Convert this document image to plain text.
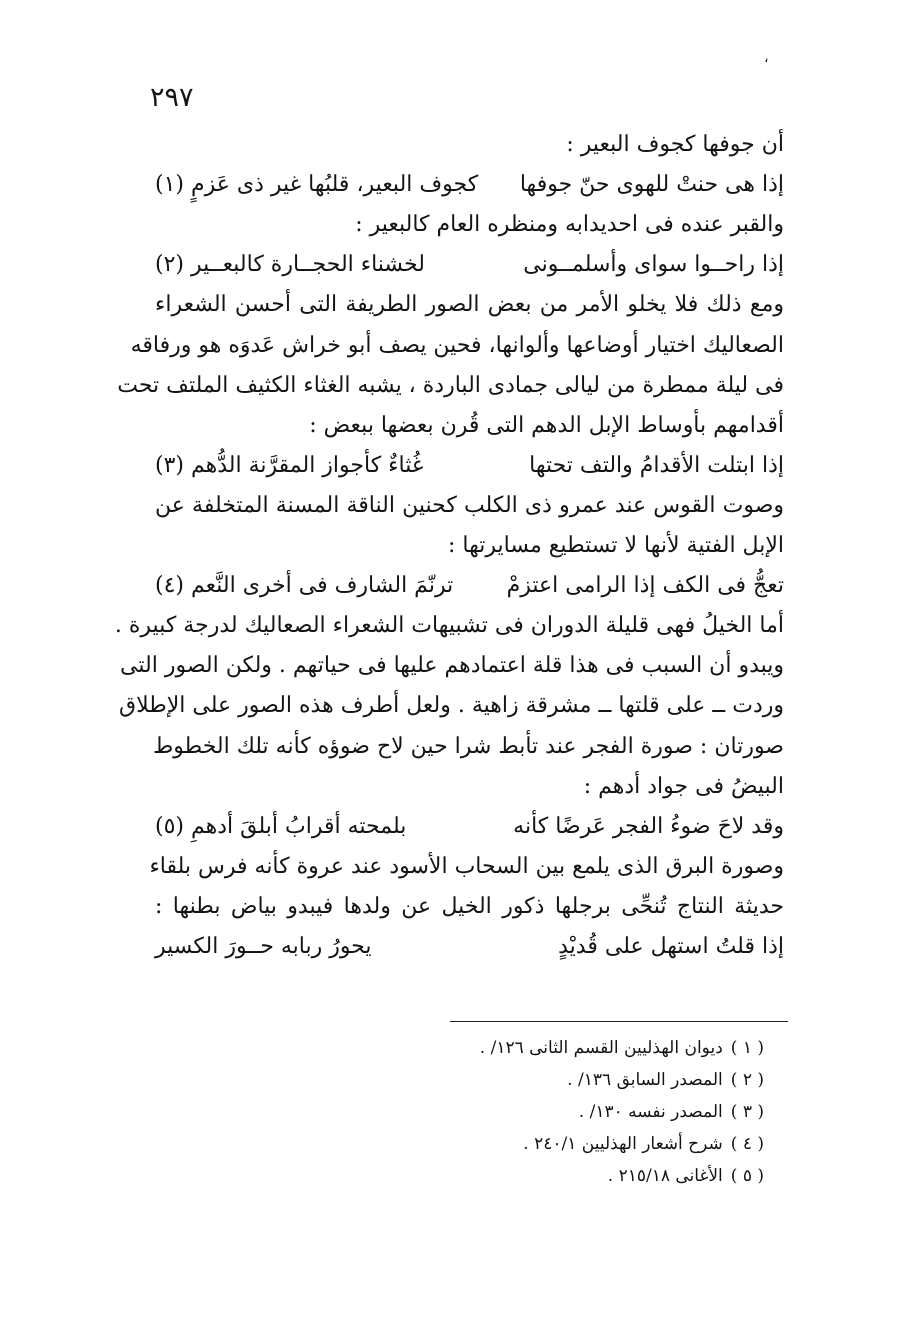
،
٢٩٧
أن جوفها كجوف البعير :
إذا هى حنتْ للهوى حنّ جوفها
كجوف البعير، قلبُها غير ذى عَزمٍ (١)
والقبر عنده فى احديدابه ومنظره العام كالبعير :
إذا راحــوا سواى وأسلمــونى
لخشناء الحجــارة كالبعــير (٢)
ومع ذلك فلا يخلو الأمر من بعض الصور الطريفة التى أحسن الشعراء
الصعاليك اختيار أوضاعها وألوانها، فحين يصف أبو خراش عَدوَه هو ورفاقه
فى ليلة ممطرة من ليالى جمادى الباردة ، يشبه الغثاء الكثيف الملتف تحت
أقدامهم بأوساط الإبل الدهم التى قُرن بعضها ببعض :
إذا ابتلت الأقدامُ والتف تحتها
غُثاءٌ كأجواز المقرَّنة الدُّهم (٣)
وصوت القوس عند عمرو ذى الكلب كحنين الناقة المسنة المتخلفة عن
الإبل الفتية لأنها لا تستطيع مسايرتها :
تعجُّ فى الكف إذا الرامى اعتزمْ
ترنّمَ الشارف فى أخرى النَّعم (٤)
أما الخيلُ فهى قليلة الدوران فى تشبيهات الشعراء الصعاليك لدرجة كبيرة .
ويبدو أن السبب فى هذا قلة اعتمادهم عليها فى حياتهم . ولكن الصور التى
وردت ــ على قلتها ــ مشرقة زاهية . ولعل أطرف هذه الصور على الإطلاق
صورتان : صورة الفجر عند تأبط شرا حين لاح ضوؤه كأنه تلك الخطوط
البيضُ فى جواد أدهم :
وقد لاحَ ضوءُ الفجر عَرضًا كأنه
بلمحته أقرابُ أبلقَ أدهمِ (٥)
وصورة البرق الذى يلمع بين السحاب الأسود عند عروة كأنه فرس بلقاء
حديثة النتاج تُنحِّى برجلها ذكور الخيل عن ولدها فيبدو بياض بطنها :
إذا قلتُ استهل على قُديْدٍ
يحورُ ربابه حــورَ الكسير
( ١ )ديوان الهذليين القسم الثانى ١٢٦/ .
( ٢ )المصدر السابق ١٣٦/ .
( ٣ )المصدر نفسه ١٣٠/ .
( ٤ )شرح أشعار الهذليين ٢٤٠/١ .
( ٥ )الأغانى ٢١٥/١٨ .
